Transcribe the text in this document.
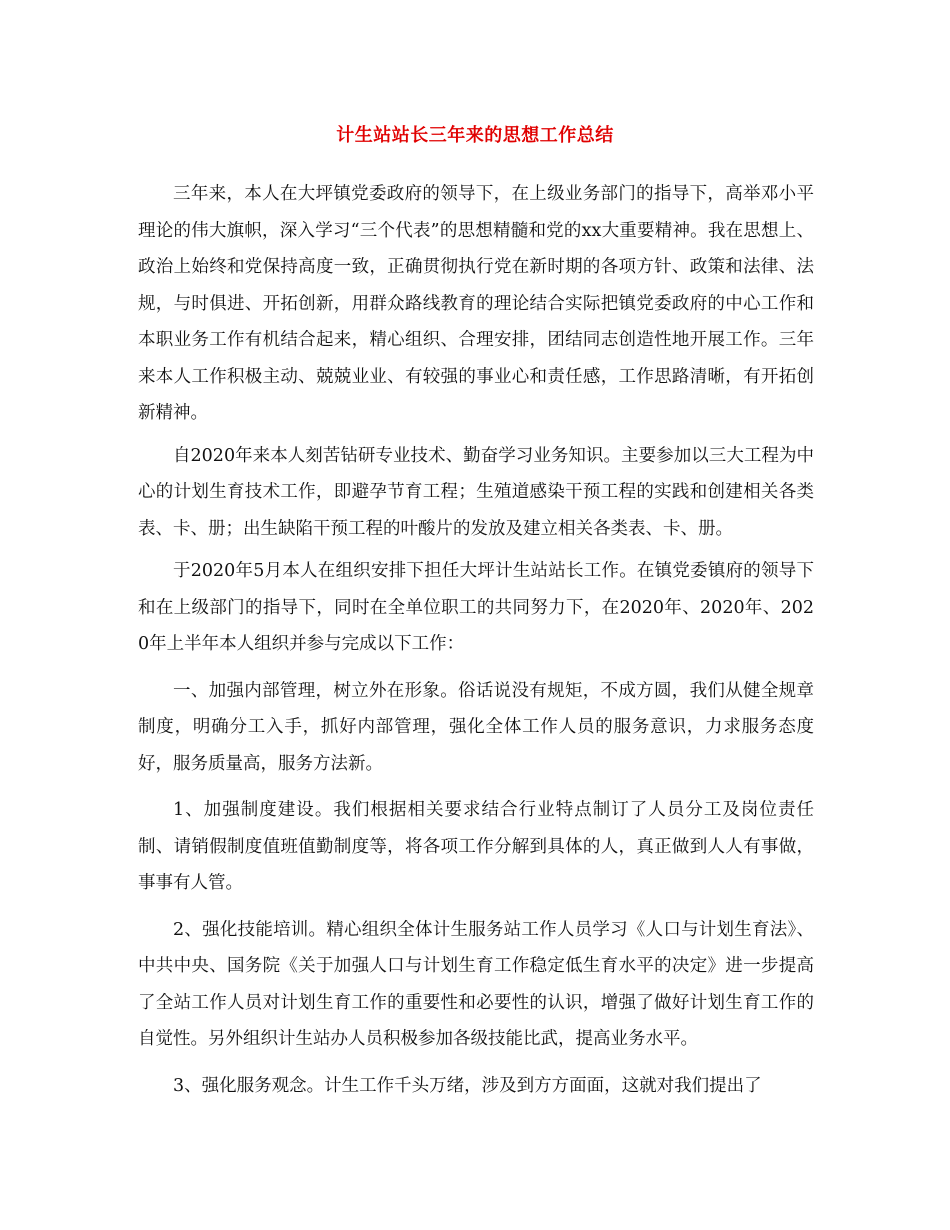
计生站站长三年来的思想工作总结

三年来，本人在大坪镇党委政府的领导下，在上级业务部门的指导下，高举邓小平理论的伟大旗帜，深入学习“三个代表”的思想精髓和党的xx大重要精神。我在思想上、政治上始终和党保持高度一致，正确贯彻执行党在新时期的各项方针、政策和法律、法规，与时俱进、开拓创新，用群众路线教育的理论结合实际把镇党委政府的中心工作和本职业务工作有机结合起来，精心组织、合理安排，团结同志创造性地开展工作。三年来本人工作积极主动、兢兢业业、有较强的事业心和责任感，工作思路清晰，有开拓创新精神。

自2020年来本人刻苦钻研专业技术、勤奋学习业务知识。主要参加以三大工程为中心的计划生育技术工作，即避孕节育工程；生殖道感染干预工程的实践和创建相关各类表、卡、册；出生缺陷干预工程的叶酸片的发放及建立相关各类表、卡、册。

于2020年5月本人在组织安排下担任大坪计生站站长工作。在镇党委镇府的领导下和在上级部门的指导下，同时在全单位职工的共同努力下，在2020年、2020年、2020年上半年本人组织并参与完成以下工作：

一、加强内部管理，树立外在形象。俗话说没有规矩，不成方圆，我们从健全规章制度，明确分工入手，抓好内部管理，强化全体工作人员的服务意识，力求服务态度好，服务质量高，服务方法新。

1、加强制度建设。我们根据相关要求结合行业特点制订了人员分工及岗位责任制、请销假制度值班值勤制度等，将各项工作分解到具体的人，真正做到人人有事做，事事有人管。

2、强化技能培训。精心组织全体计生服务站工作人员学习《人口与计划生育法》、中共中央、国务院《关于加强人口与计划生育工作稳定低生育水平的决定》进一步提高了全站工作人员对计划生育工作的重要性和必要性的认识，增强了做好计划生育工作的自觉性。另外组织计生站办人员积极参加各级技能比武，提高业务水平。

3、强化服务观念。计生工作千头万绪，涉及到方方面面，这就对我们提出了
